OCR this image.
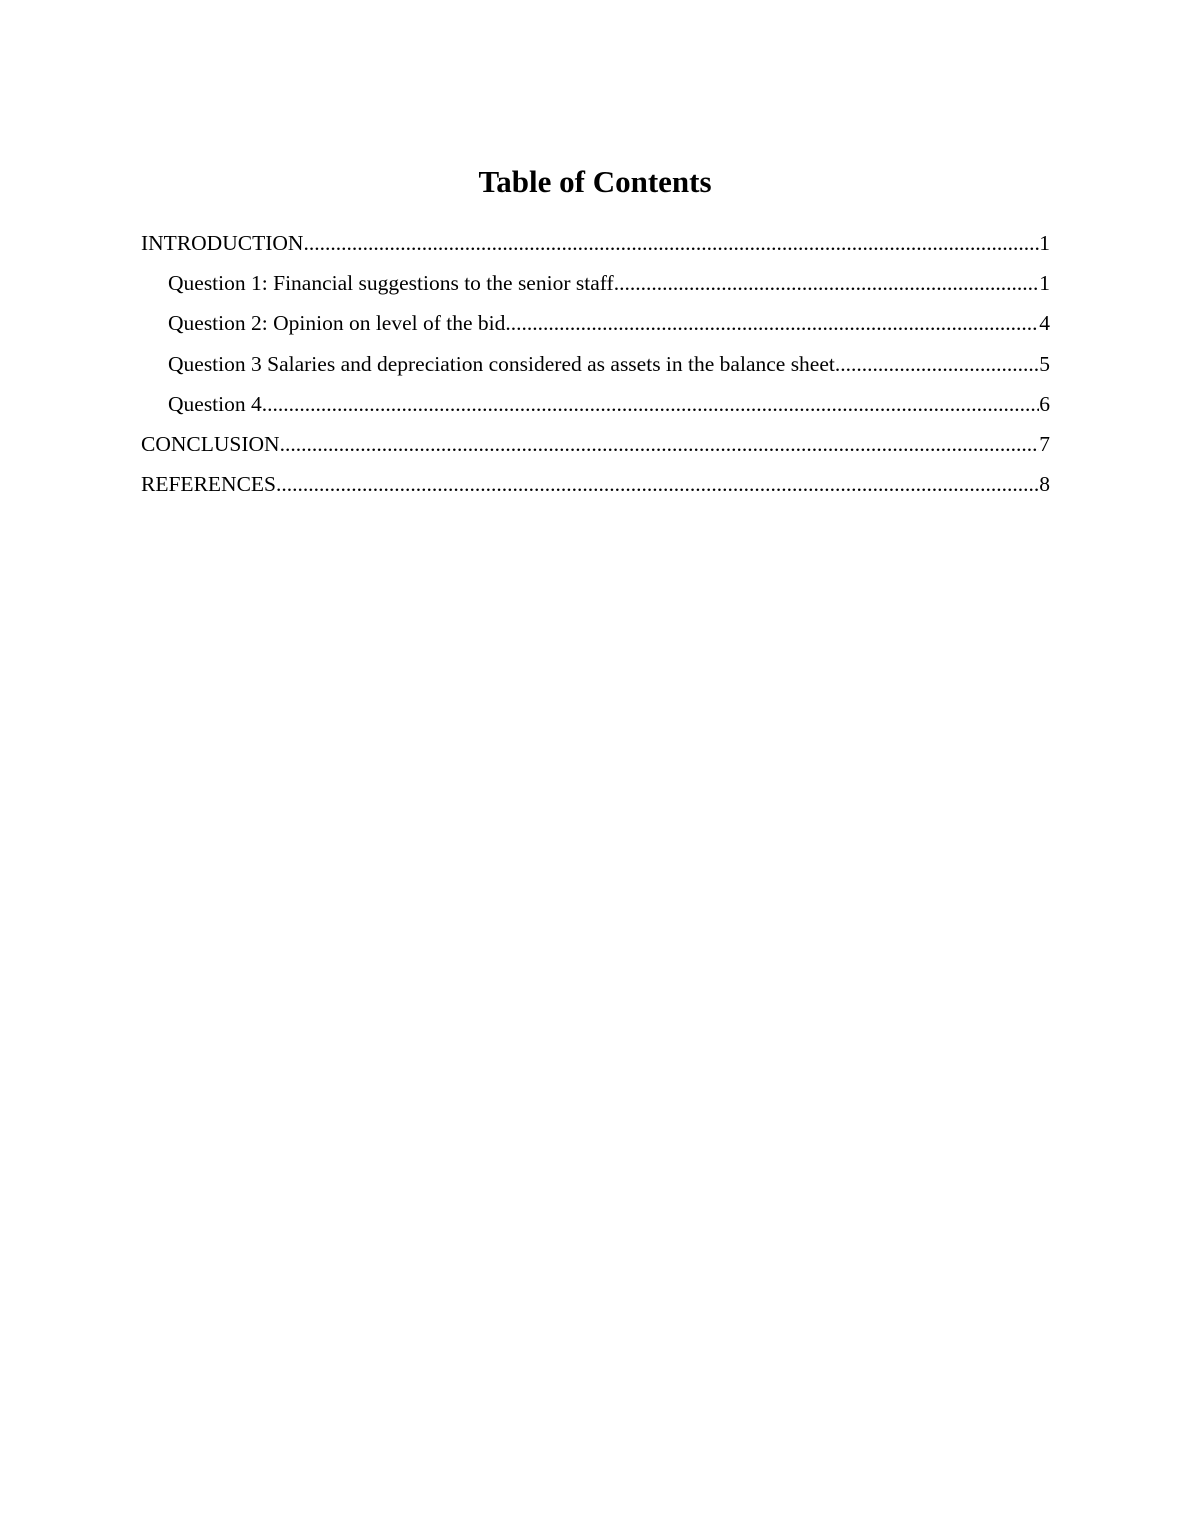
Table of Contents
INTRODUCTION .....	1
Question 1: Financial suggestions to the senior staff .....	1
Question 2: Opinion on level of the bid .....	4
Question 3 Salaries and depreciation considered as assets in the balance sheet .....	5
Question 4 .....	6
CONCLUSION .....	7
REFERENCES .....	8
